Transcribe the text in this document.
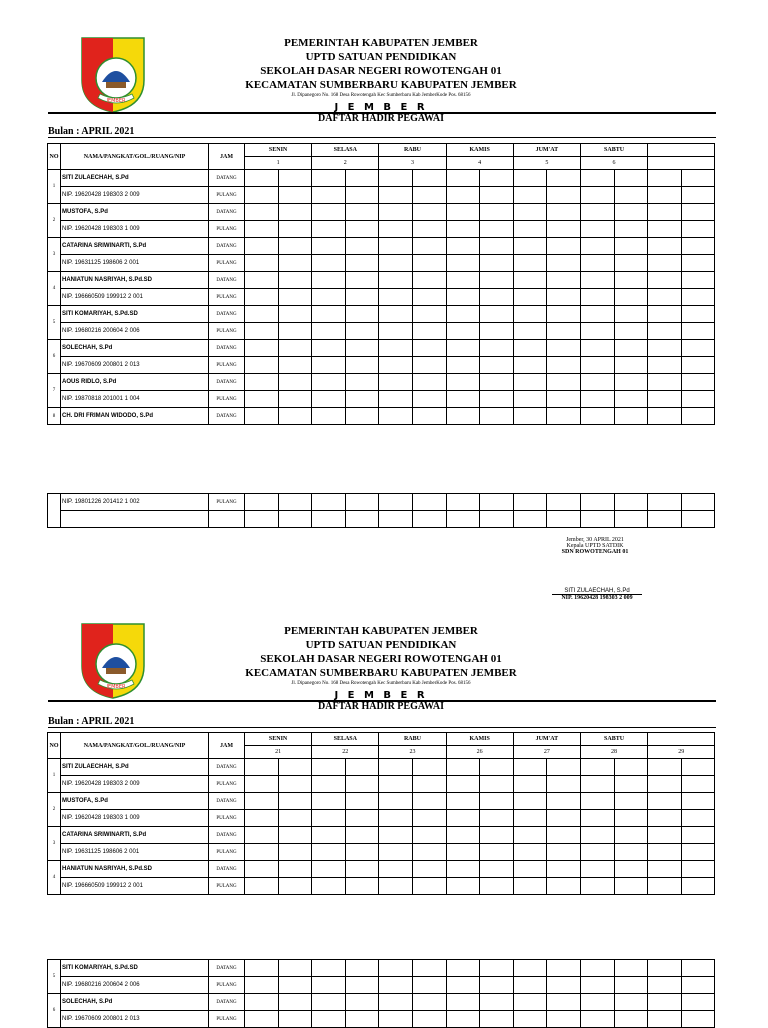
JEMBER
PEMERINTAH KABUPATEN JEMBER
UPTD SATUAN PENDIDIKAN
SEKOLAH DASAR NEGERI ROWOTENGAH 01
KECAMATAN SUMBERBARU KABUPATEN JEMBER
Jl. Dipanegoro No. 168 Desa Rowotengah Kec Sumberbaru Kab JemberKode Pos. 68156
J E M B E R
DAFTAR HADIR PEGAWAI
Bulan : APRIL 2021
NO	NAMA/PANGKAT/GOL./RUANG/NIP	JAM	SENIN		SELASA		RABU		KAMIS		JUM'AT		SABTU			
			1		2		3		4		5		6			
1	SITI ZULAECHAH, S.Pd	DATANG														
	NIP. 19620428 198303 2 009	PULANG														
2	MUSTOFA, S.Pd	DATANG														
	NIP. 19620428 198303 1 009	PULANG														
3	CATARINA SRIWINARTI, S.Pd	DATANG														
	NIP. 19631125 198606 2 001	PULANG														
4	HANIATUN NASRIYAH, S.Pd.SD	DATANG														
	NIP. 196660509 199912 2 001	PULANG														
5	SITI KOMARIYAH, S.Pd.SD	DATANG														
	NIP. 19680216 200604 2 006	PULANG														
6	SOLECHAH, S.Pd	DATANG														
	NIP. 19670609 200801 2 013	PULANG														
7	AOUS RIDLO, S.Pd	DATANG														
	NIP. 19870818 201001 1 004	PULANG														
8	CH. DRI FRIMAN WIDODO, S.Pd	DATANG														
	NIP. 19801226 201412 1 002	PULANG														

Jember, 30 APRIL 2021
Kepala UPTD SATDIK
SDN ROWOTENGAH 01
SITI ZULAECHAH, S.Pd
NIP. 19620428 198303 2 009
JEMBER
PEMERINTAH KABUPATEN JEMBER
UPTD SATUAN PENDIDIKAN
SEKOLAH DASAR NEGERI ROWOTENGAH 01
KECAMATAN SUMBERBARU KABUPATEN JEMBER
Jl. Dipanegoro No. 168 Desa Rowotengah Kec Sumberbaru Kab JemberKode Pos. 68156
J E M B E R
DAFTAR HADIR PEGAWAI
Bulan : APRIL 2021
NO	NAMA/PANGKAT/GOL./RUANG/NIP	JAM	SENIN		SELASA		RABU		KAMIS		JUM'AT		SABTU			
			21		22		23		26		27		28		29	
1	SITI ZULAECHAH, S.Pd	DATANG														
	NIP. 19620428 198303 2 009	PULANG														
2	MUSTOFA, S.Pd	DATANG														
	NIP. 19620428 198303 1 009	PULANG														
3	CATARINA SRIWINARTI, S.Pd	DATANG														
	NIP. 19631125 198606 2 001	PULANG														
4	HANIATUN NASRIYAH, S.Pd.SD	DATANG														
	NIP. 196660509 199912 2 001	PULANG														
5	SITI KOMARIYAH, S.Pd.SD	DATANG														
	NIP. 19680216 200604 2 006	PULANG														
6	SOLECHAH, S.Pd	DATANG														
	NIP. 19670609 200801 2 013	PULANG														
